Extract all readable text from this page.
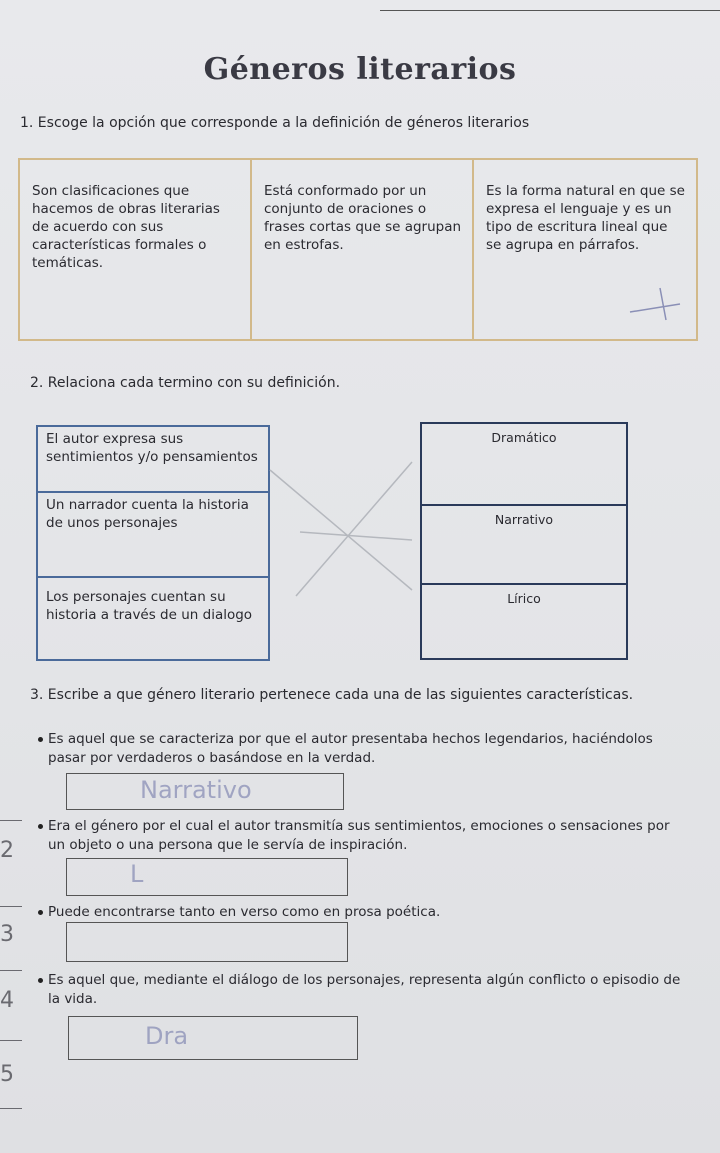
Géneros literarios
1. Escoge la opción que corresponde a la definición de géneros literarios
Son clasificaciones que hacemos de obras literarias de acuerdo con sus características formales o temáticas.
Está conformado por un conjunto de oraciones o frases cortas que se agrupan en estrofas.
Es la forma natural en que se expresa el lenguaje y es un tipo de escritura lineal que se agrupa en párrafos.
2. Relaciona cada termino con su definición.
El autor expresa sus sentimientos y/o pensamientos
Un narrador cuenta la historia de unos personajes
Los personajes cuentan su historia a través de un dialogo
Dramático
Narrativo
Lírico
3. Escribe a que género literario pertenece cada una de las siguientes características.
Es aquel que se caracteriza por que el autor presentaba hechos legendarios, haciéndolos pasar por verdaderos o basándose en la verdad.
Narrativo
Era el género por el cual el autor transmitía sus sentimientos, emociones o sensaciones por un objeto o una persona que le servía de inspiración.
L
Puede encontrarse tanto en verso como en prosa poética.
Es aquel que, mediante el diálogo de los personajes, representa algún conflicto o episodio de la vida.
Dra
2
3
4
5
